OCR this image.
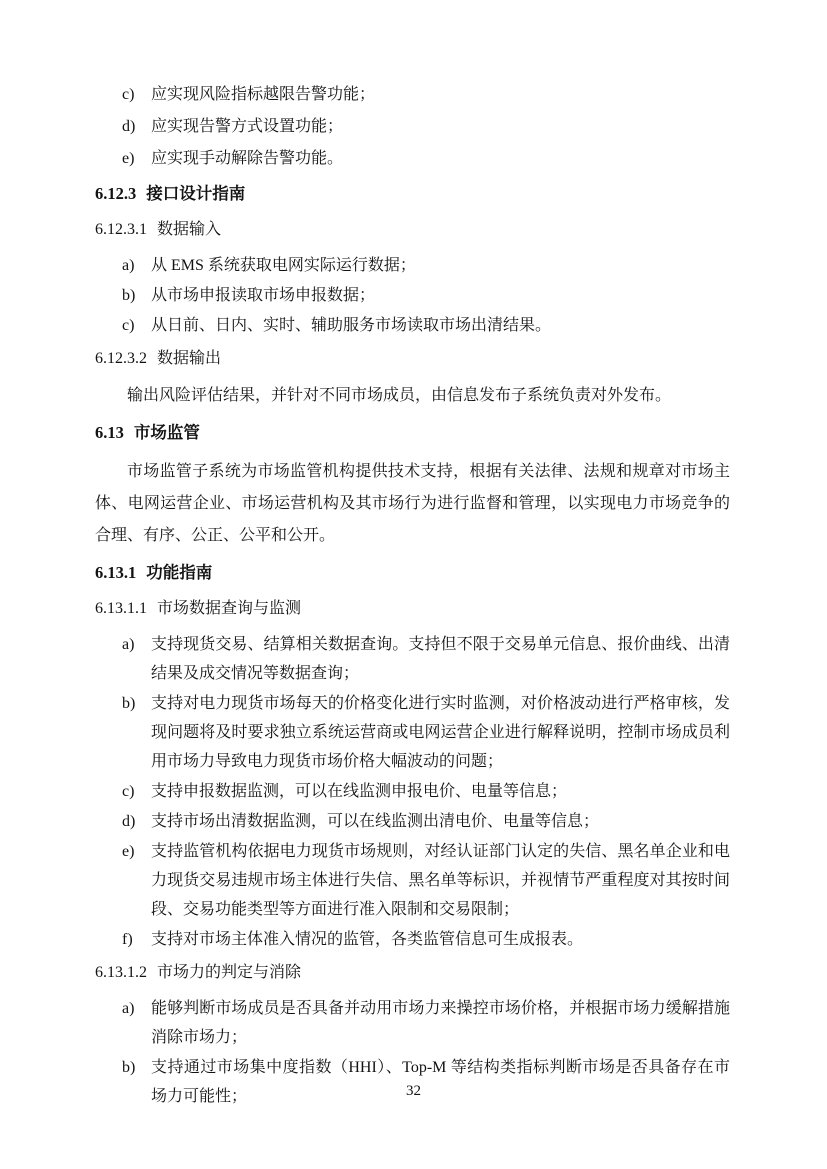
c)	应实现风险指标越限告警功能；
d) 应实现告警方式设置功能；
e)	应实现手动解除告警功能。
6.12.3 接口设计指南
6.12.3.1 数据输入
a)	从 EMS 系统获取电网实际运行数据；
b) 从市场申报读取市场申报数据；
c)	从日前、日内、实时、辅助服务市场读取市场出清结果。
6.12.3.2 数据输出

输出风险评估结果，并针对不同市场成员，由信息发布子系统负责对外发布。

6.13 市场监管

市场监管子系统为市场监管机构提供技术支持，根据有关法律、法规和规章对市场主体、电网运营企业、市场运营机构及其市场行为进行监督和管理，以实现电力市场竞争的合理、有序、公正、公平和公开。

6.13.1 功能指南
6.13.1.1 市场数据查询与监测
a)	支持现货交易、结算相关数据查询。支持但不限于交易单元信息、报价曲线、出清结果及成交情况等数据查询；
b) 支持对电力现货市场每天的价格变化进行实时监测，对价格波动进行严格审核，发现问题将及时要求独立系统运营商或电网运营企业进行解释说明，控制市场成员利用市场力导致电力现货市场价格大幅波动的问题；
c)	支持申报数据监测，可以在线监测申报电价、电量等信息；
d) 支持市场出清数据监测，可以在线监测出清电价、电量等信息；
e)	支持监管机构依据电力现货市场规则，对经认证部门认定的失信、黑名单企业和电力现货交易违规市场主体进行失信、黑名单等标识，并视情节严重程度对其按时间段、交易功能类型等方面进行准入限制和交易限制；
f)	支持对市场主体准入情况的监管，各类监管信息可生成报表。
6.13.1.2 市场力的判定与消除
a)	能够判断市场成员是否具备并动用市场力来操控市场价格，并根据市场力缓解措施消除市场力；
b) 支持通过市场集中度指数（HHI）、Top-M 等结构类指标判断市场是否具备存在市场力可能性；	32
